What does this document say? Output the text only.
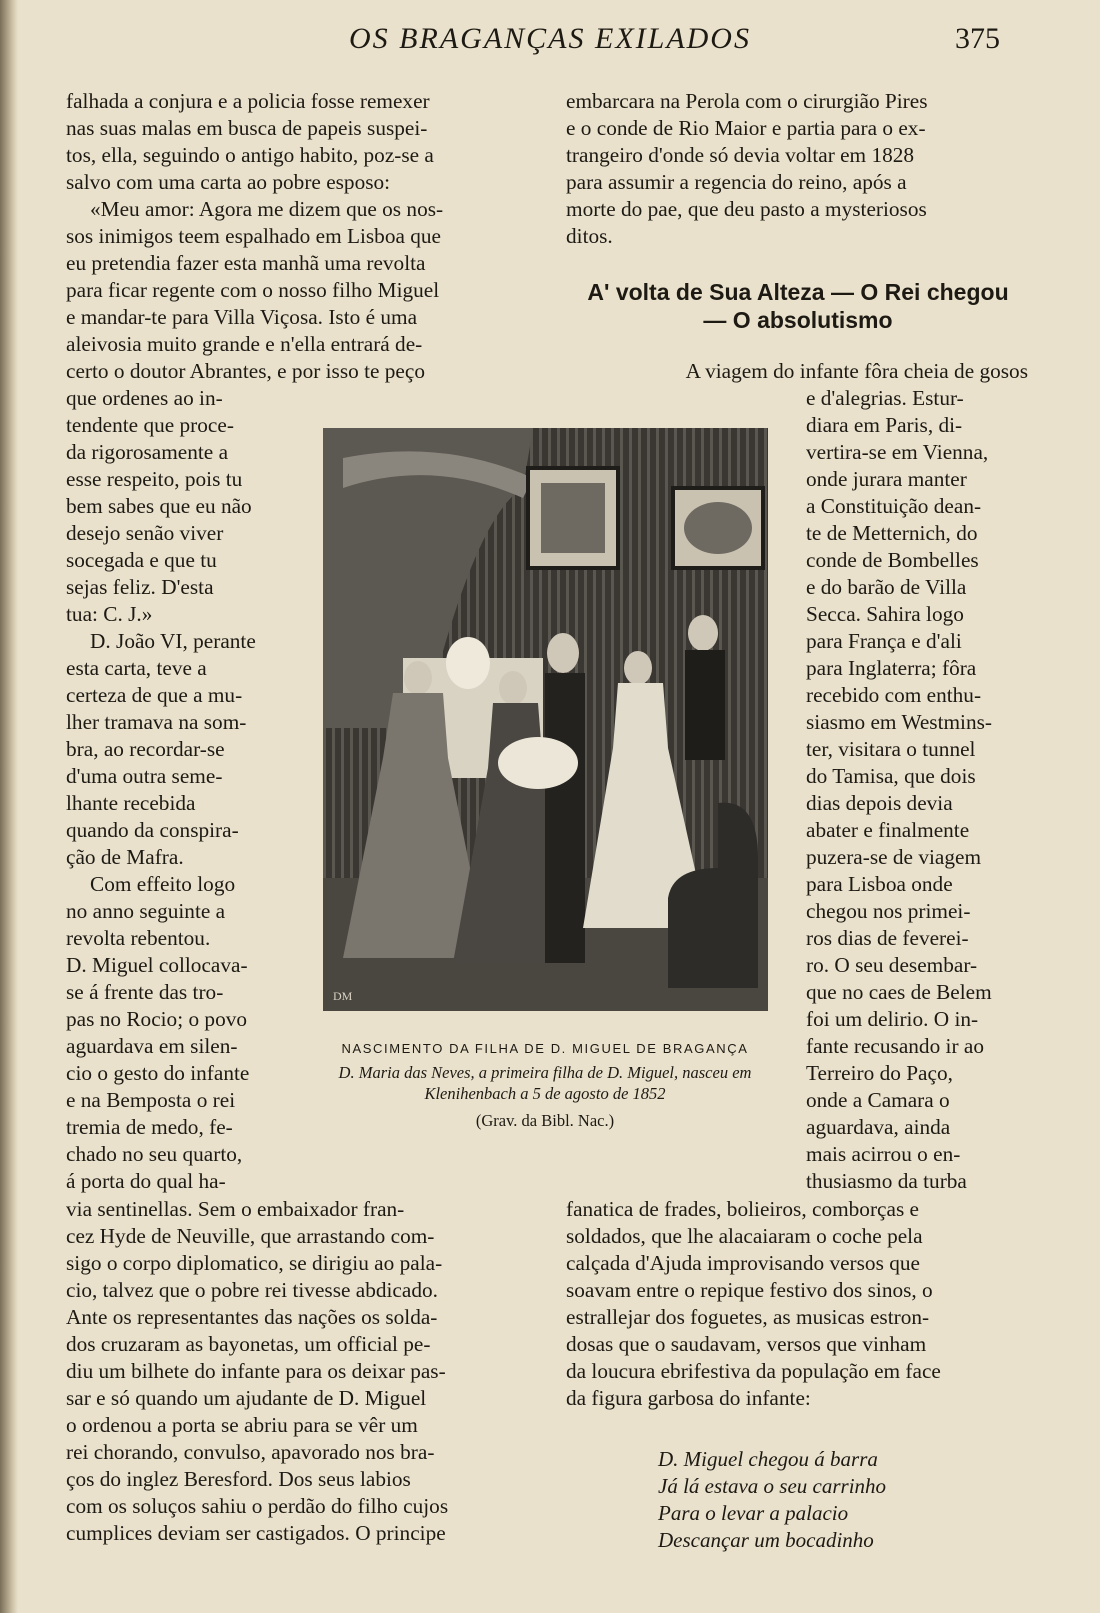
OS BRAGANÇAS EXILADOS	375

falhada a conjura e a policia fosse remexer

nas suas malas em busca de papeis suspei-

tos, ella, seguindo o antigo habito, poz-se a

salvo com uma carta ao pobre esposo:

«Meu amor: Agora me dizem que os nos-

sos inimigos teem espalhado em Lisboa que

eu pretendia fazer esta manhã uma revolta

para ficar regente com o nosso filho Miguel

e mandar-te para Villa Viçosa. Isto é uma

aleivosia muito grande e n'ella entrará de-

certo o doutor Abrantes, e por isso te peço

que ordenes ao in-

tendente que proce-

da rigorosamente a

esse respeito, pois tu

bem sabes que eu não

desejo senão viver

socegada e que tu

sejas feliz. D'esta

tua: C. J.»

D. João VI, perante

esta carta, teve a

certeza de que a mu-

lher tramava na som-

bra, ao recordar-se

d'uma outra seme-

lhante recebida

quando da conspira-

ção de Mafra.

Com effeito logo

no anno seguinte a

revolta rebentou.

D. Miguel collocava-

se á frente das tro-

pas no Rocio; o povo

aguardava em silen-

cio o gesto do infante

e na Bemposta o rei

tremia de medo, fe-

chado no seu quarto,

á porta do qual ha-

via sentinellas. Sem o embaixador fran-

cez Hyde de Neuville, que arrastando com-

sigo o corpo diplomatico, se dirigiu ao pala-

cio, talvez que o pobre rei tivesse abdicado.

Ante os representantes das nações os solda-

dos cruzaram as bayonetas, um official pe-

diu um bilhete do infante para os deixar pas-

sar e só quando um ajudante de D. Miguel

o ordenou a porta se abriu para se vêr um

rei chorando, convulso, apavorado nos bra-

ços do inglez Beresford. Dos seus labios

com os soluços sahiu o perdão do filho cujos

cumplices deviam ser castigados. O principe

embarcara na Perola com o cirurgião Pires

e o conde de Rio Maior e partia para o ex-

trangeiro d'onde só devia voltar em 1828

para assumir a regencia do reino, após a

morte do pae, que deu pasto a mysteriosos

ditos.

A' volta de Sua Alteza — O Rei chegou
— O absolutismo

A viagem do infante fôra cheia de gosos

e d'alegrias. Estur-

diara em Paris, di-

vertira-se em Vienna,

onde jurara manter

a Constituição dean-

te de Metternich, do

conde de Bombelles

e do barão de Villa

Secca. Sahira logo

para França e d'ali

para Inglaterra; fôra

recebido com enthu-

siasmo em Westmins-

ter, visitara o tunnel

do Tamisa, que dois

dias depois devia

abater e finalmente

puzera-se de viagem

para Lisboa onde

chegou nos primei-

ros dias de feverei-

ro. O seu desembar-

que no caes de Belem

foi um delirio. O in-

fante recusando ir ao

Terreiro do Paço,

onde a Camara o

aguardava, ainda

mais acirrou o en-

thusiasmo da turba

fanatica de frades, bolieiros, comborças e

soldados, que lhe alacaiaram o coche pela

calçada d'Ajuda improvisando versos que

soavam entre o repique festivo dos sinos, o

estrallejar dos foguetes, as musicas estron-

dosas que o saudavam, versos que vinham

da loucura ebrifestiva da população em face

da figura garbosa do infante:

D. Miguel chegou á barra
Já lá estava o seu carrinho
Para o levar a palacio
Descançar um bocadinho
DM
NASCIMENTO DA FILHA DE D. MIGUEL DE BRAGANÇA
D. Maria das Neves, a primeira filha de D. Miguel, nasceu em Klenihenbach a 5 de agosto de 1852
(Grav. da Bibl. Nac.)
